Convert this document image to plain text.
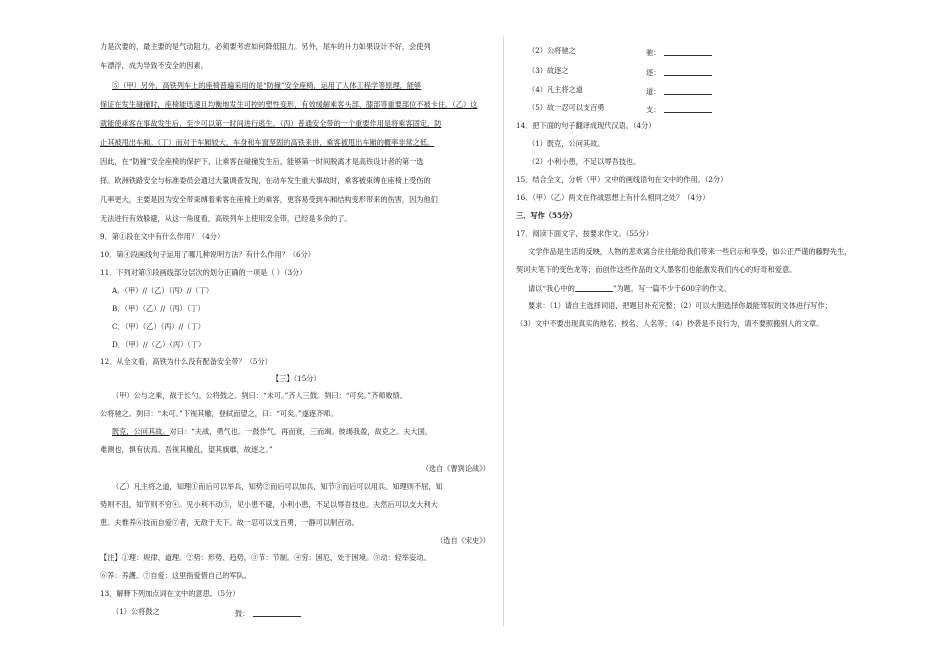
力是次要的，最主要的是气动阻力，必须要考虑如何降低阻力。另外，尾车的升力如果设计不好，会使列
车漂浮，成为导致不安全的因素。
⑤（甲）另外，高铁列车上的座椅普遍采用的是“防撞”安全座椅，运用了人体工程学等原理，能够
保证在发生碰撞时，座椅能迅速且均衡地发生可控的塑性变形，有效缓解乘客头部、膝部等重要部位不被卡住。（乙）这
就能使乘客在事故发生后，至少可以第一时间进行逃生。（丙）普通安全带的一个重要作用是将乘客固定，防
止其被甩出车厢。（丁）而对于车厢较大、车身和车窗坚固的高铁来讲，乘客被甩出车厢的概率非常之低。
因此，在“防撞”安全座椅的保护下，让乘客在碰撞发生后，能够第一时间脱离才是高铁设计者的第一选
择。欧洲铁路安全与标准委员会通过大量调查发现，在动车发生重大事故时，乘客被束缚在座椅上受伤的
几率更大，主要是因为安全带束缚着乘客在座椅上的乘客，更容易受到车厢结构变形带来的伤害，因为他们
无法进行有效躲避，从这一角度看，高铁列车上使用安全带，已经是多余的了。
9．第①段在文中有什么作用？（4分）
10．第④段画线句子运用了哪几种说明方法？有什么作用？（6分）
11．下列对第⑤段画线部分层次的划分正确的一项是（ ）（3分）
A．（甲）//（乙）（丙）//（丁）
B．（甲）（乙）//（丙）（丁）
C．（甲）（乙）（丙）//（丁）
D．（甲）//（乙）（丙）（丁）
12．从全文看，高铁为什么没有配备安全带？（5分）
【三】（15分）
（甲）公与之乘，战于长勺。公将鼓之。刿曰：“未可。”齐人三鼓。刿曰：“可矣。”齐师败绩。
公将驰之。刿曰：“未可。”下视其辙，登轼而望之，曰：“可矣。”遂逐齐师。
既克，公问其故。对曰：“夫战，勇气也。一鼓作气，再而衰，三而竭。彼竭我盈，故克之。夫大国，
难测也，惧有伏焉。吾视其辙乱，望其旗靡，故逐之。”
（选自《曹刿论战》）
（乙）凡主将之道，知理①而后可以举兵，知势②而后可以加兵，知节③而后可以用兵。知理则不屈，知
势则不沮，知节则不穷④。见小利不动⑤，见小患不避，小利小患，不足以辱吾技也。夫然后可以支大利大
患。夫惟养⑥技而自爱⑦者，无敌于天下。故一忍可以支百勇，一静可以制百动。
（选自《宋史》）
【注】①理：规律、道理。②势：形势、趋势。③节：节制。④穷：困厄，处于困境。⑤动：轻举妄动。
⑥养：养護。⑦自爱：这里指爱惜自己的军队。
13．解释下列加点词在文中的意思。（5分）
（1）公将鼓之	鼓：
（2）公将驰之	驰：
（3）故逐之	逐：
（4）凡主将之道	道：
（5）故一忍可以支百勇	支：
14．把下面的句子翻译成现代汉语。（4分）
（1）既克，公问其故。
（2）小利小患，不足以辱吾技也。
15．结合全文，分析（甲）文中的画线语句在文中的作用。（2分）
16．（甲）（乙）两文在作战思想上有什么相同之处？（4分）
三、写作（55分）
17．阅读下面文字，按要求作文。（55分）
文学作品是生活的反映，人物的悲欢离合往往能给我们带来一些启示和享受，如公正严谨的藤野先生，
契诃夫笔下的变色龙等；而创作这些作品的文人墨客们也能激发我们内心的好奇和爱意。
请以“我心中的	”为题，写一篇不少于600字的作文。
要求：（1）请自主选择词语，把题目补充完整；（2）可以大胆选择你最能驾驭的文体进行写作；
（3）文中不要出现真实的地名、校名、人名等；（4）抄袭是不良行为，请不要照搬别人的文章。
